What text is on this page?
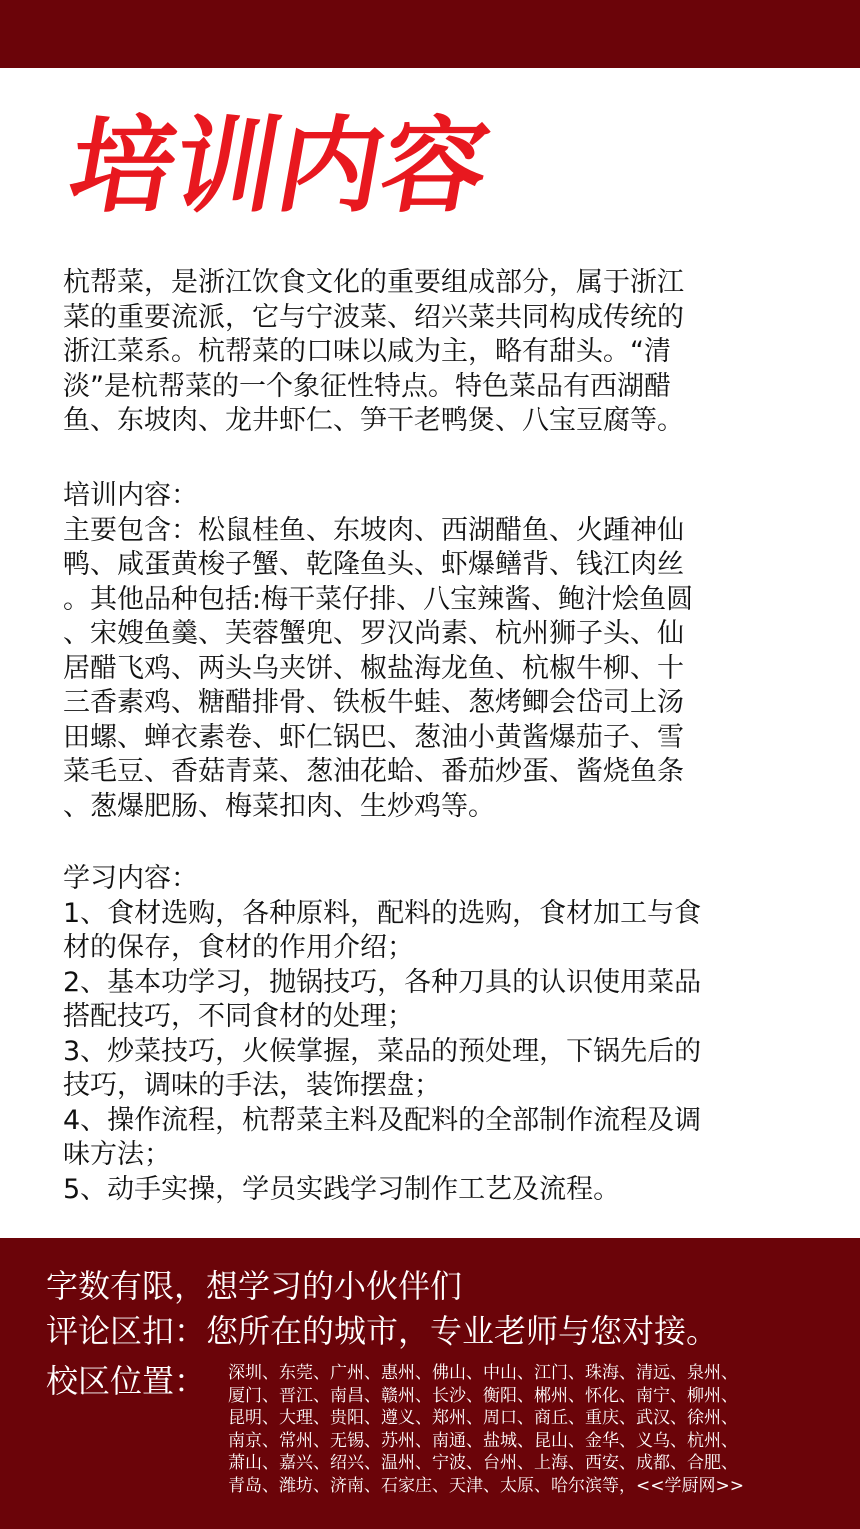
培训内容

杭帮菜，是浙江饮食文化的重要组成部分，属于浙江
菜的重要流派，它与宁波菜、绍兴菜共同构成传统的
浙江菜系。杭帮菜的口味以咸为主，略有甜头。“清
淡”是杭帮菜的一个象征性特点。特色菜品有西湖醋
鱼、东坡肉、龙井虾仁、笋干老鸭煲、八宝豆腐等。

培训内容：
主要包含：松鼠桂鱼、东坡肉、西湖醋鱼、火踵神仙
鸭、咸蛋黄梭子蟹、乾隆鱼头、虾爆鳝背、钱江肉丝
。其他品种包括:梅干菜仔排、八宝辣酱、鲍汁烩鱼圆
、宋嫂鱼羹、芙蓉蟹兜、罗汉尚素、杭州狮子头、仙
居醋飞鸡、两头乌夹饼、椒盐海龙鱼、杭椒牛柳、十
三香素鸡、糖醋排骨、铁板牛蛙、葱烤鲫会岱司上汤
田螺、蝉衣素卷、虾仁锅巴、葱油小黄酱爆茄子、雪
菜毛豆、香菇青菜、葱油花蛤、番茄炒蛋、酱烧鱼条
、葱爆肥肠、梅菜扣肉、生炒鸡等。

学习内容：
1、食材选购，各种原料，配料的选购，食材加工与食
材的保存，食材的作用介绍；
2、基本功学习，抛锅技巧，各种刀具的认识使用菜品
搭配技巧，不同食材的处理；
3、炒菜技巧，火候掌握，菜品的预处理，下锅先后的
技巧，调味的手法，装饰摆盘；
4、操作流程，杭帮菜主料及配料的全部制作流程及调
味方法；
5、动手实操，学员实践学习制作工艺及流程。

字数有限，想学习的小伙伴们

评论区扣：您所在的城市，专业老师与您对接。

校区位置： 深圳、东莞、广州、惠州、佛山、中山、江门、珠海、清远、泉州、
厦门、晋江、南昌、赣州、长沙、衡阳、郴州、怀化、南宁、柳州、
昆明、大理、贵阳、遵义、郑州、周口、商丘、重庆、武汉、徐州、
南京、常州、无锡、苏州、南通、盐城、昆山、金华、义乌、杭州、
萧山、嘉兴、绍兴、温州、宁波、台州、上海、西安、成都、合肥、
青岛、潍坊、济南、石家庄、天津、太原、哈尔滨等，<<学厨网>>
